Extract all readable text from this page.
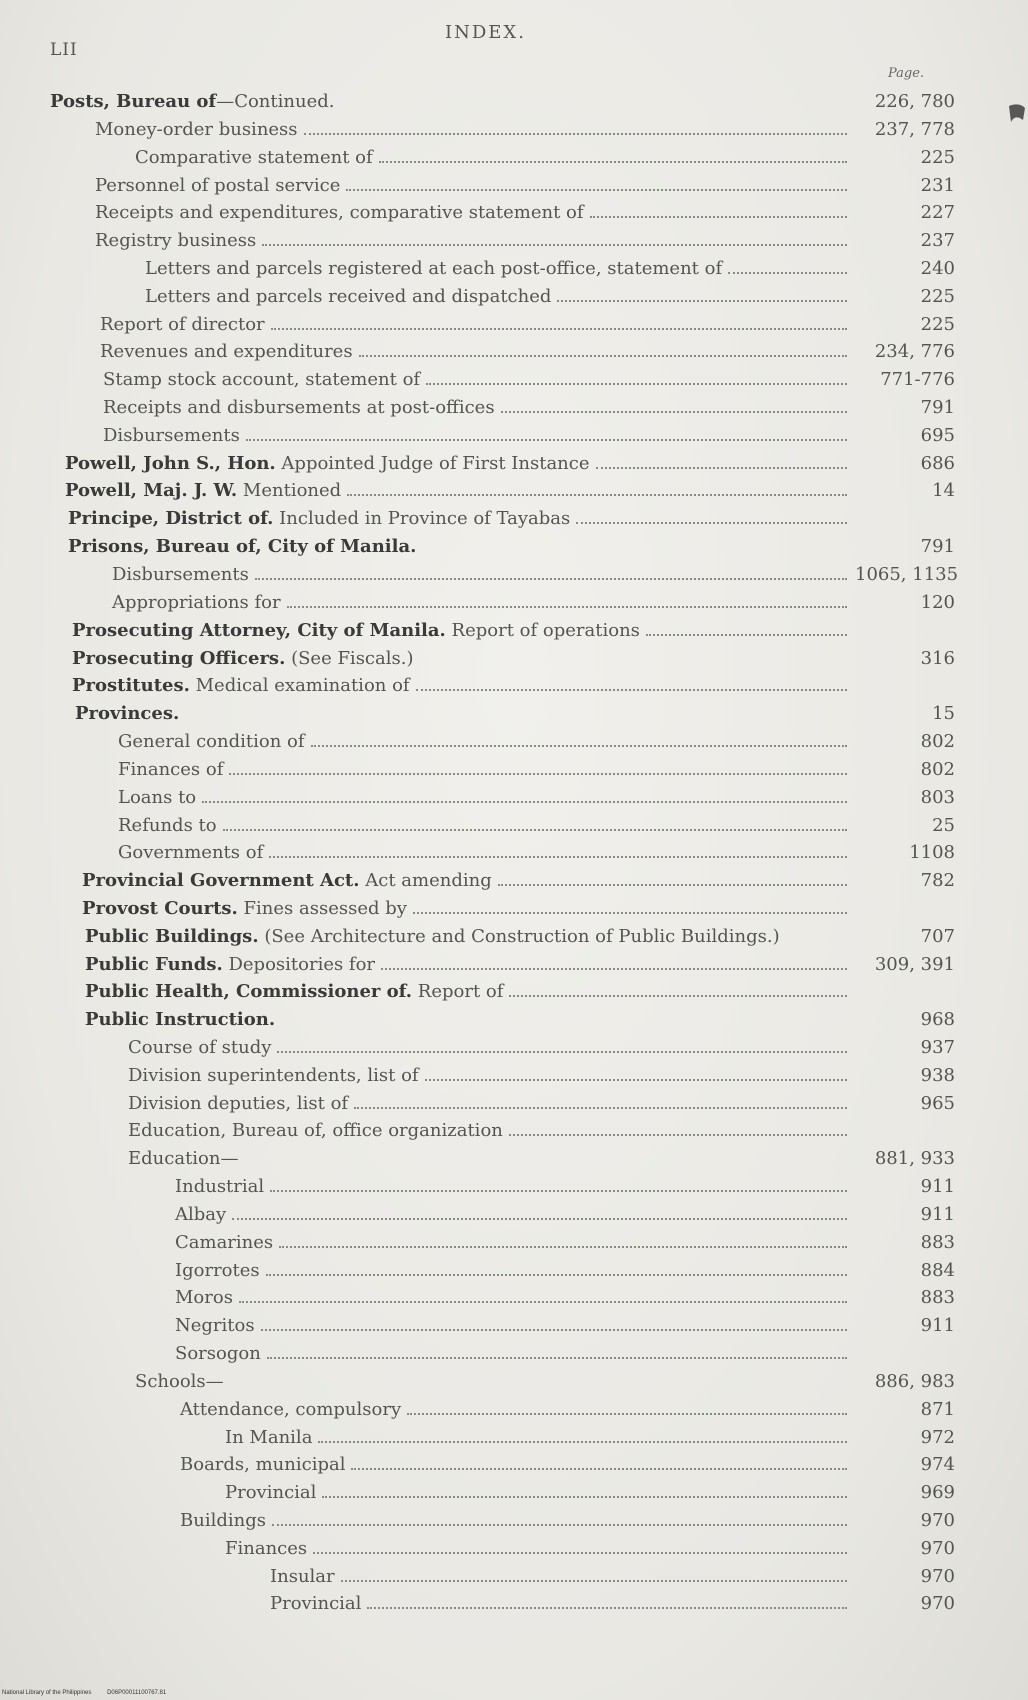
INDEX.
LII
Page.
Posts, Bureau of—Continued.	226, 780
Money-order business	237, 778
Comparative statement of	225
Personnel of postal service	231
Receipts and expenditures, comparative statement of	227
Registry business	237
Letters and parcels registered at each post-office, statement of	240
Letters and parcels received and dispatched	225
Report of director	225
Revenues and expenditures	234, 776
Stamp stock account, statement of	771-776
Receipts and disbursements at post-offices	791
Disbursements	695
Powell, John S., Hon. Appointed Judge of First Instance	686
Powell, Maj. J. W. Mentioned	14
Principe, District of. Included in Province of Tayabas
Prisons, Bureau of, City of Manila.	791
Disbursements	1065, 1135
Appropriations for	120
Prosecuting Attorney, City of Manila. Report of operations
Prosecuting Officers. (See Fiscals.)	316
Prostitutes. Medical examination of
Provinces.	15
General condition of	802
Finances of	802
Loans to	803
Refunds to	25
Governments of	1108
Provincial Government Act. Act amending	782
Provost Courts. Fines assessed by
Public Buildings. (See Architecture and Construction of Public Buildings.)	707
Public Funds. Depositories for	309, 391
Public Health, Commissioner of. Report of
Public Instruction.	968
Course of study	937
Division superintendents, list of	938
Division deputies, list of	965
Education, Bureau of, office organization
Education—	881, 933
Industrial	911
Albay	911
Camarines	883
Igorrotes	884
Moros	883
Negritos	911
Sorsogon
Schools—	886, 983
Attendance, compulsory	871
In Manila	972
Boards, municipal	974
Provincial	969
Buildings	970
Finances	970
Insular	970
Provincial	970
National Library of the Philippines	D06P00011100767.81
